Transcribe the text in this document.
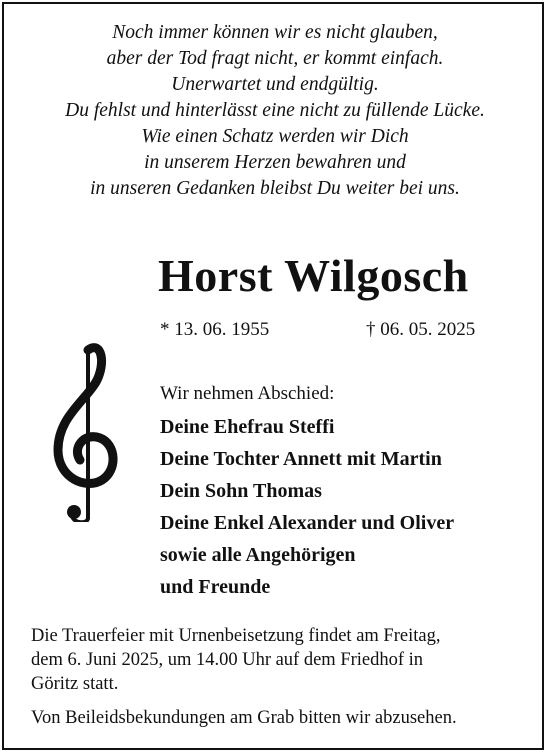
Noch immer können wir es nicht glauben,
aber der Tod fragt nicht, er kommt einfach.
Unerwartet und endgültig.
Du fehlst und hinterlässt eine nicht zu füllende Lücke.
Wie einen Schatz werden wir Dich
in unserem Herzen bewahren und
in unseren Gedanken bleibst Du weiter bei uns.
Horst Wilgosch
* 13. 06. 1955	† 06. 05. 2025
Wir nehmen Abschied:
Deine Ehefrau Steffi
Deine Tochter Annett mit Martin
Dein Sohn Thomas
Deine Enkel Alexander und Oliver
sowie alle Angehörigen
und Freunde
Die Trauerfeier mit Urnenbeisetzung findet am Freitag,
dem 6. Juni 2025, um 14.00 Uhr auf dem Friedhof in
Göritz statt.
Von Beileidsbekundungen am Grab bitten wir abzusehen.
